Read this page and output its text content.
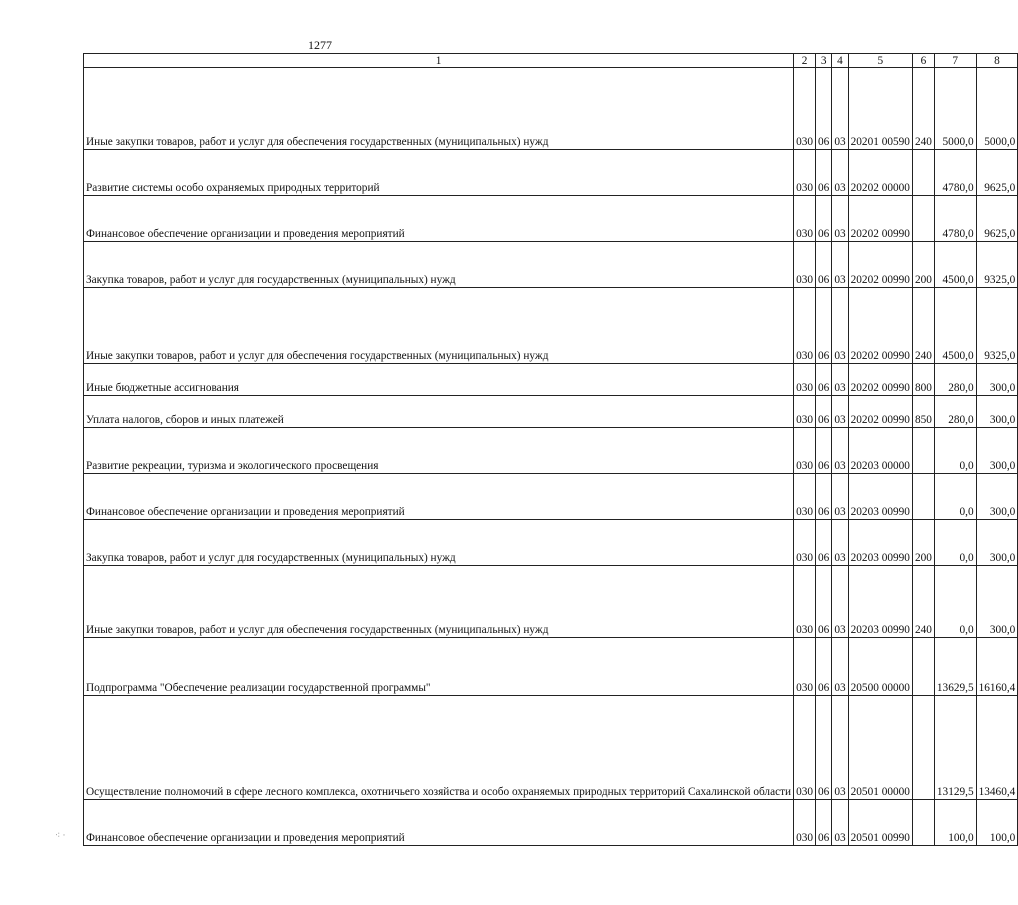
1277
1	2	3	4	5	6	7	8
Иные закупки товаров, работ и услуг для обеспечения государственных (муниципальных) нужд	030	06	03	20201 00590	240	5000,0	5000,0
Развитие системы особо охраняемых природных территорий	030	06	03	20202 00000		4780,0	9625,0
Финансовое обеспечение организации и проведения мероприятий	030	06	03	20202 00990		4780,0	9625,0
Закупка товаров, работ и услуг для государственных (муниципальных) нужд	030	06	03	20202 00990	200	4500,0	9325,0
Иные закупки товаров, работ и услуг для обеспечения государственных (муниципальных) нужд	030	06	03	20202 00990	240	4500,0	9325,0
Иные бюджетные ассигнования	030	06	03	20202 00990	800	280,0	300,0
Уплата налогов, сборов и иных платежей	030	06	03	20202 00990	850	280,0	300,0
Развитие рекреации, туризма и экологического просвещения	030	06	03	20203 00000		0,0	300,0
Финансовое обеспечение организации и проведения мероприятий	030	06	03	20203 00990		0,0	300,0
Закупка товаров, работ и услуг для государственных (муниципальных) нужд	030	06	03	20203 00990	200	0,0	300,0
Иные закупки товаров, работ и услуг для обеспечения государственных (муниципальных) нужд	030	06	03	20203 00990	240	0,0	300,0
Подпрограмма "Обеспечение реализации государственной программы"	030	06	03	20500 00000		13629,5	16160,4
Осуществление полномочий в сфере лесного комплекса, охотничьего хозяйства и особо охраняемых природных территорий Сахалинской области	030	06	03	20501 00000		13129,5	13460,4
Финансовое обеспечение организации и проведения мероприятий	030	06	03	20501 00990		100,0	100,0
⁖ ·
